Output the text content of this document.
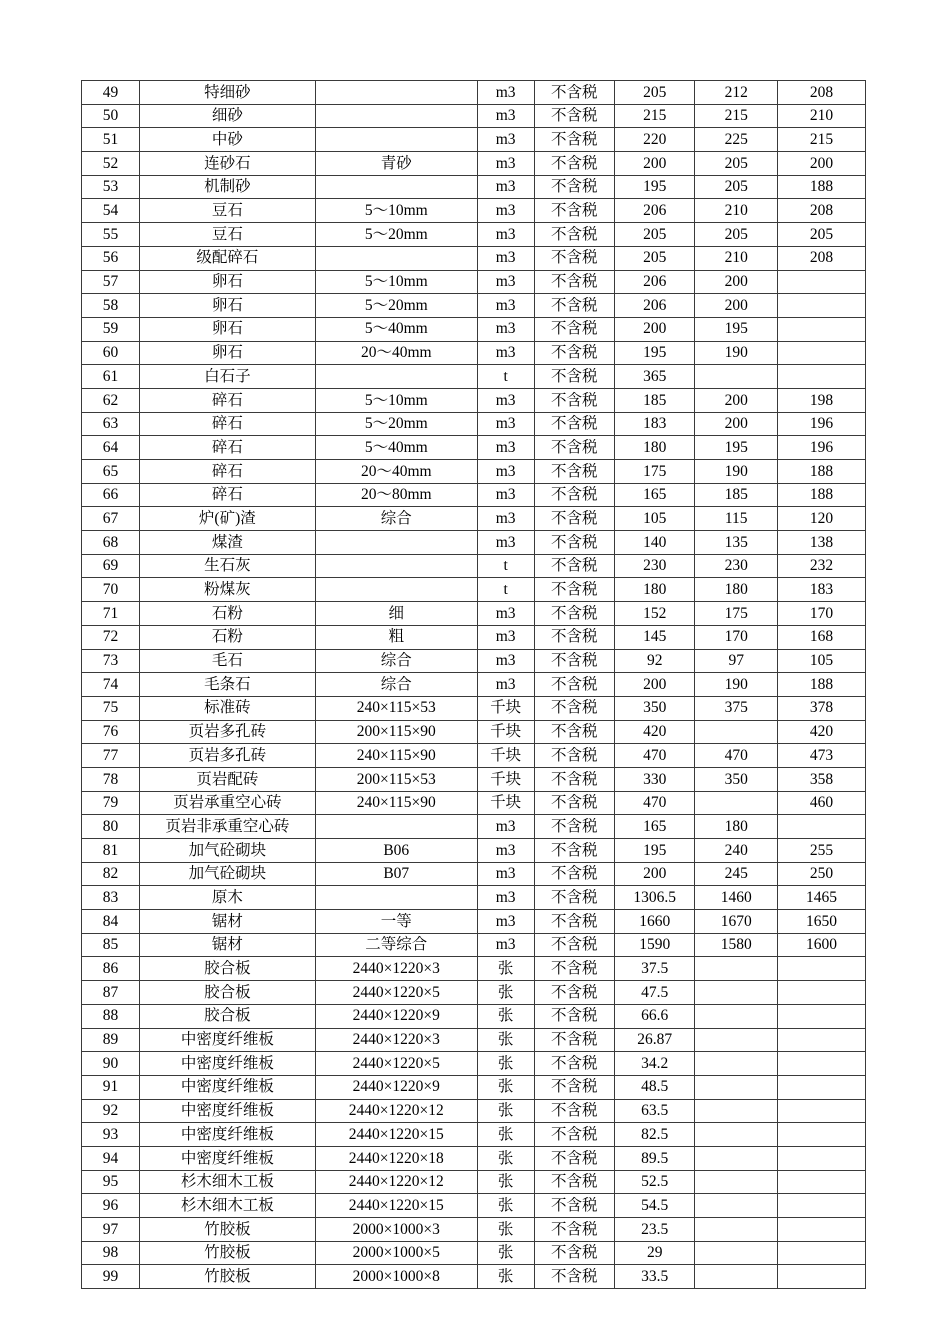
49	特细砂		m3	不含税	205	212	208
50	细砂		m3	不含税	215	215	210
51	中砂		m3	不含税	220	225	215
52	连砂石	青砂	m3	不含税	200	205	200
53	机制砂		m3	不含税	195	205	188
54	豆石	5～10mm	m3	不含税	206	210	208
55	豆石	5～20mm	m3	不含税	205	205	205
56	级配碎石		m3	不含税	205	210	208
57	卵石	5～10mm	m3	不含税	206	200	
58	卵石	5～20mm	m3	不含税	206	200	
59	卵石	5～40mm	m3	不含税	200	195	
60	卵石	20～40mm	m3	不含税	195	190	
61	白石子		t	不含税	365		
62	碎石	5～10mm	m3	不含税	185	200	198
63	碎石	5～20mm	m3	不含税	183	200	196
64	碎石	5～40mm	m3	不含税	180	195	196
65	碎石	20～40mm	m3	不含税	175	190	188
66	碎石	20～80mm	m3	不含税	165	185	188
67	炉(矿)渣	综合	m3	不含税	105	115	120
68	煤渣		m3	不含税	140	135	138
69	生石灰		t	不含税	230	230	232
70	粉煤灰		t	不含税	180	180	183
71	石粉	细	m3	不含税	152	175	170
72	石粉	粗	m3	不含税	145	170	168
73	毛石	综合	m3	不含税	92	97	105
74	毛条石	综合	m3	不含税	200	190	188
75	标准砖	240×115×53	千块	不含税	350	375	378
76	页岩多孔砖	200×115×90	千块	不含税	420		420
77	页岩多孔砖	240×115×90	千块	不含税	470	470	473
78	页岩配砖	200×115×53	千块	不含税	330	350	358
79	页岩承重空心砖	240×115×90	千块	不含税	470		460
80	页岩非承重空心砖		m3	不含税	165	180	
81	加气砼砌块	B06	m3	不含税	195	240	255
82	加气砼砌块	B07	m3	不含税	200	245	250
83	原木		m3	不含税	1306.5	1460	1465
84	锯材	一等	m3	不含税	1660	1670	1650
85	锯材	二等综合	m3	不含税	1590	1580	1600
86	胶合板	2440×1220×3	张	不含税	37.5		
87	胶合板	2440×1220×5	张	不含税	47.5		
88	胶合板	2440×1220×9	张	不含税	66.6		
89	中密度纤维板	2440×1220×3	张	不含税	26.87		
90	中密度纤维板	2440×1220×5	张	不含税	34.2		
91	中密度纤维板	2440×1220×9	张	不含税	48.5		
92	中密度纤维板	2440×1220×12	张	不含税	63.5		
93	中密度纤维板	2440×1220×15	张	不含税	82.5		
94	中密度纤维板	2440×1220×18	张	不含税	89.5		
95	杉木细木工板	2440×1220×12	张	不含税	52.5		
96	杉木细木工板	2440×1220×15	张	不含税	54.5		
97	竹胶板	2000×1000×3	张	不含税	23.5		
98	竹胶板	2000×1000×5	张	不含税	29		
99	竹胶板	2000×1000×8	张	不含税	33.5		
